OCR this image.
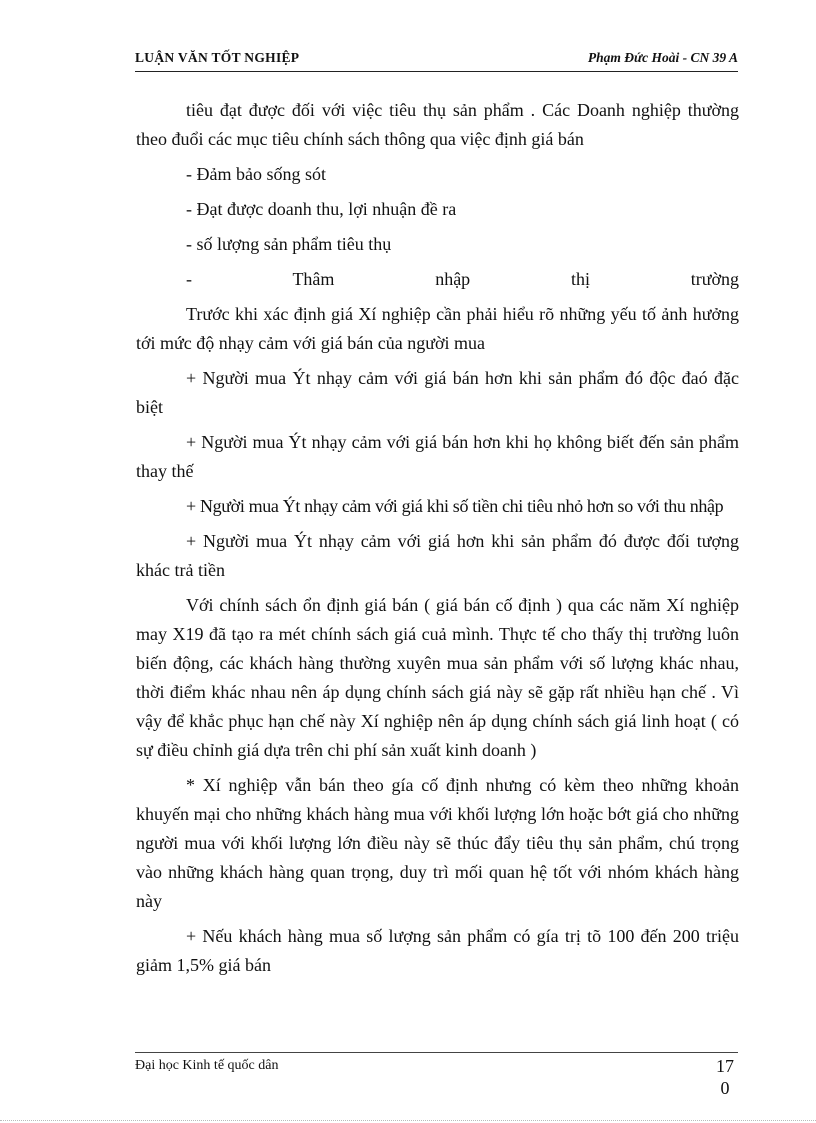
LUẬN VĂN TỐT NGHIỆP	Phạm Đức Hoài - CN 39 A

tiêu đạt được đối với việc tiêu thụ sản phẩm . Các Doanh nghiệp thường theo đuổi các mục tiêu chính sách thông qua việc định giá bán

- Đảm bảo sống sót

- Đạt được doanh thu, lợi nhuận đề ra

- số lượng sản phẩm tiêu thụ

- Thâm nhập thị trường

Trước khi xác định giá Xí nghiệp cần phải hiểu rõ những yếu tố ảnh hưởng tới mức độ nhạy cảm với giá bán của người mua

+ Người mua Ýt nhạy cảm với giá bán hơn khi sản phẩm đó độc đaó đặc biệt

+ Người mua Ýt nhạy cảm với giá bán hơn khi họ không biết đến sản phẩm thay thế

+ Người mua Ýt nhạy cảm với giá khi số tiền chi tiêu nhỏ hơn so với thu nhập

+ Người mua Ýt nhạy cảm với giá hơn khi sản phẩm đó được đối tượng khác trả tiền

Với chính sách ổn định giá bán ( giá bán cố định ) qua các năm Xí nghiệp may X19 đã tạo ra mét chính sách giá cuả mình. Thực tế cho thấy thị trường luôn biến động, các khách hàng thường xuyên mua sản phẩm với số lượng khác nhau, thời điểm khác nhau nên áp dụng chính sách giá này sẽ gặp rất nhiều hạn chế . Vì vậy để khắc phục hạn chế này Xí nghiệp nên áp dụng chính sách giá linh hoạt ( có sự điều chỉnh giá dựa trên chi phí sản xuất kinh doanh )

* Xí nghiệp vẫn bán theo gía cố định nhưng có kèm theo những khoản khuyến mại cho những khách hàng mua với khối lượng lớn hoặc bớt giá cho những người mua với khối lượng lớn điều này sẽ thúc đẩy tiêu thụ sản phẩm, chú trọng vào những khách hàng quan trọng, duy trì mối quan hệ tốt với nhóm khách hàng này

+ Nếu khách hàng mua số lượng sản phẩm có gía trị tõ 100 đến 200 triệu giảm 1,5% giá bán

Đại học Kinh tế quốc dân	170
